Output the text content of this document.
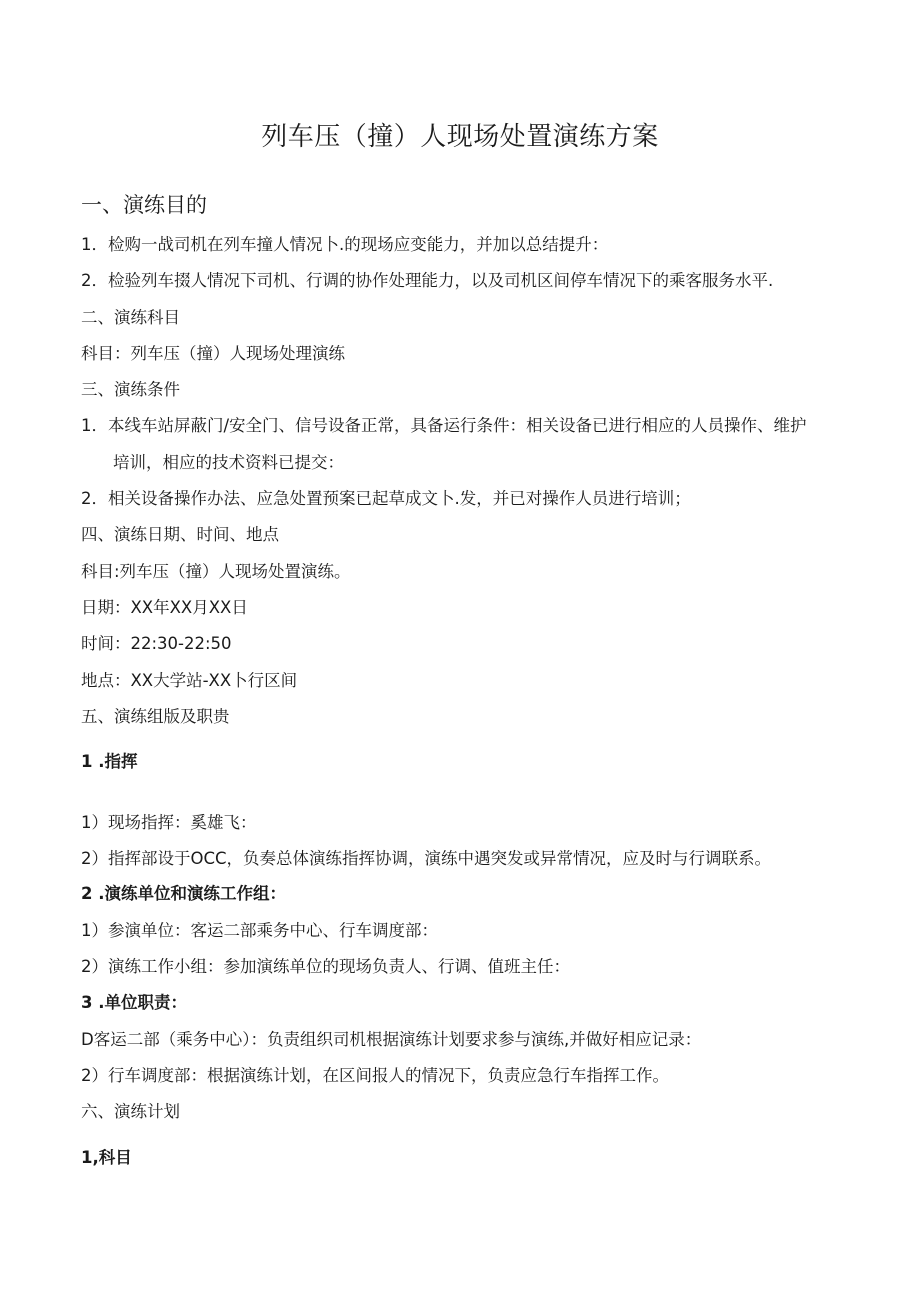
列车压（撞）人现场处置演练方案
一、演练目的
1．检购一战司机在列车撞人情况卜.的现场应变能力，并加以总结提升：
2．检验列车掇人情况下司机、行调的协作处理能力，以及司机区间停车情况下的乘客服务水平.
二、演练科目
科目：列车压（撞）人现场处理演练
三、演练条件
1．本线车站屏蔽门/安全门、信号设备正常，具备运行条件：相关设备已进行相应的人员操作、维护
培训，相应的技术资料已提交：
2．相关设备操作办法、应急处置预案已起草成文卜.发，并已对操作人员进行培训；
四、演练日期、时间、地点
科目:列车压（撞）人现场处置演练。
日期：XX年XX月XX日
时间：22:30-22:50
地点：XX大学站-XX卜行区间
五、演练组版及职贵
1 .指挥
1）现场指挥：奚雄飞：
2）指挥部设于OCC，负奏总体演练指挥协调，演练中遇突发或异常情况，应及时与行调联系。
2 .演练单位和演练工作组：
1）参演单位：客运二部乘务中心、行车调度部：
2）演练工作小组：参加演练单位的现场负责人、行调、值班主任：
3 .单位职责：
D客运二部（乘务中心）：负责组织司机根据演练计划要求参与演练,并做好相应记录：
2）行车调度部：根据演练计划，在区间报人的情况下，负责应急行车指挥工作。
六、演练计划
1,科目
